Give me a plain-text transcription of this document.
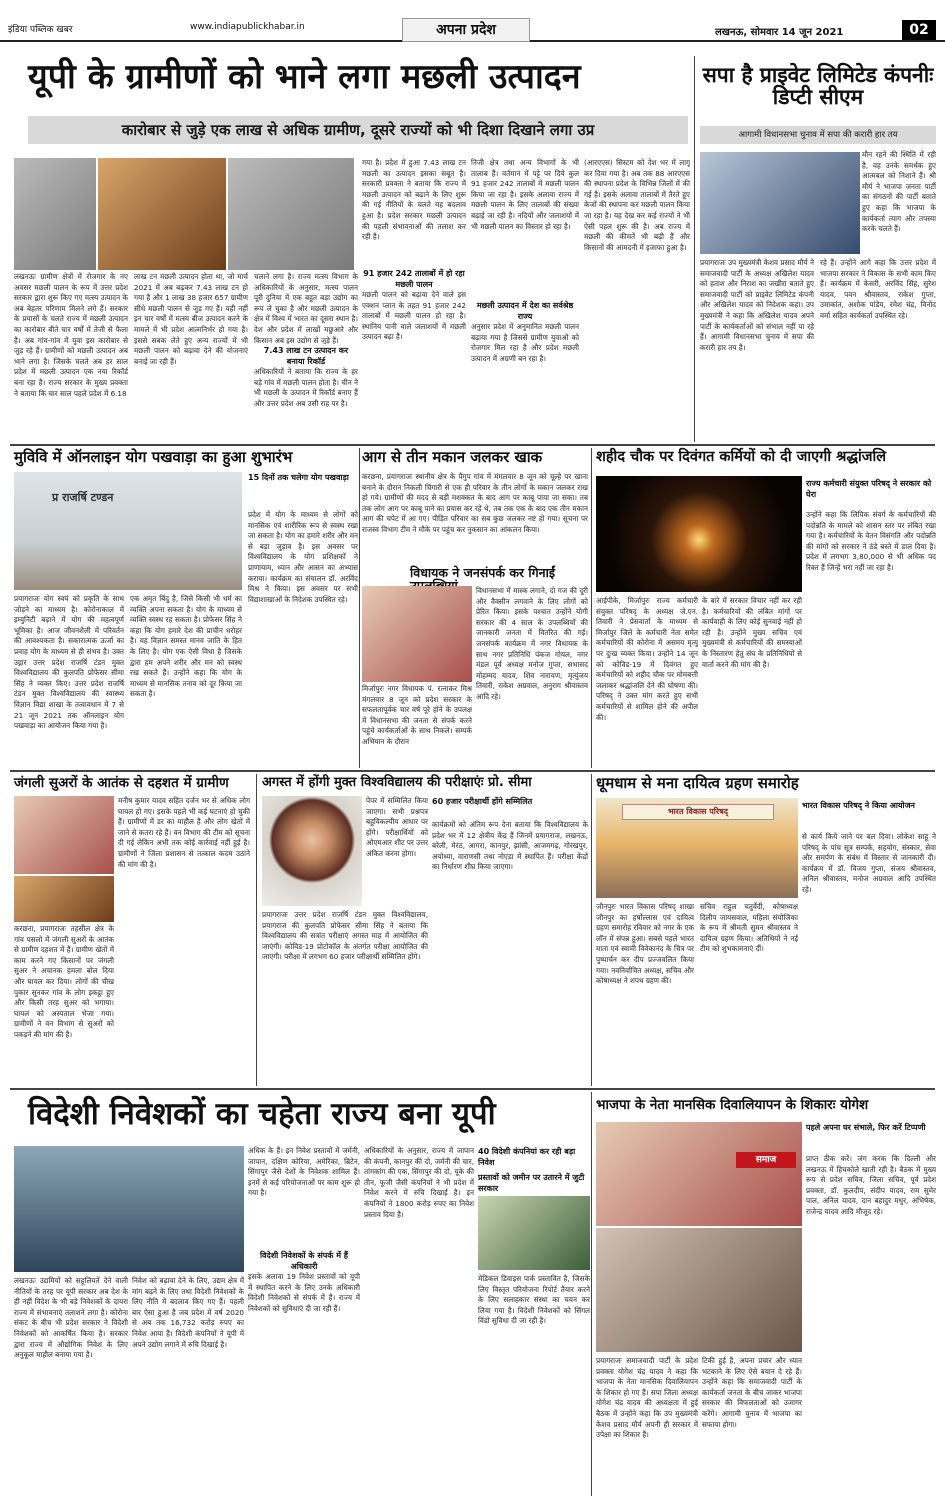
इंडिया पब्लिक खबर	www.indiapublickhabar.in	अपना प्रदेश	लखनऊ, सोमवार 14 जून 2021	02
यूपी के ग्रामीणों को भाने लगा मछली उत्पादन
कारोबार से जुड़े एक लाख से अधिक ग्रामीण, दूसरे राज्यों को भी दिशा दिखाने लगा उप्र
लखनऊः ग्रामीण क्षेत्रों में रोजगार के नए अवसर मछली पालन के रूप में उत्तर प्रदेश सरकार द्वारा शुरू किए गए मत्स्य उत्पादन के अब बेहतर परिणाम मिलने लगे हैं। सरकार के प्रयासों के चलते राज्य में मछली उत्पादन का कारोबार बीते चार वर्षों में तेजी से फैला है। अब गांव-गांव में युवा इस कारोबार से जुड़ रहे हैं। ग्रामीणों को मछली उत्पादन अब भाने लगा है। जिसके चलते अब हर साल प्रदेश में मछली उत्पादन एक नया रिकॉर्ड बना रहा है। राज्य सरकार के मुख्य प्रवक्ता ने बताया कि चार साल पहले प्रदेश में 6.18
लाख टन मछली उत्पादन होता था, जो मार्च 2021 में अब बढ़कर 7.43 लाख टन हो गया है और 1 लाख 38 हजार 657 ग्रामीण सीधे मछली पालन से जुड़ गए हैं। यही नहीं इन चार वर्षों में मत्स्य बीज उत्पादन करने के मामले में भी प्रदेश आत्मनिर्भर हो गया है। इससे सबक लेते हुए अन्य राज्यों में भी मछली पालन को बढ़ावा देने की योजनाएं बनाई जा रही हैं।
चलाने लगा है। राज्य मत्स्य विभाग के अधिकारियों के अनुसार, मत्स्य पालन पूरी दुनिया में एक बहुत बड़ा उद्योग का रूप ले चुका है और मछली उत्पादन के क्षेत्र में विश्व में भारत का दूसरा स्थान है। देश और प्रदेश में लाखों मछुआरे और किसान अब इस उद्योग से जुड़े हैं।
7.43 लाख टन उत्पादन कर बनाया रिकॉर्ड
अधिकारियों ने बताया कि राज्य के हर बड़े गांव में मछली पालन होता है। चीन ने भी मछली के उत्पादन में रिकॉर्ड बनाए हैं और उत्तर प्रदेश अब उसी राह पर है।
गया है। प्रदेश में हुआ 7.43 लाख टन मछली का उत्पादन इसका सबूत है। सरकारी प्रवक्ता ने बताया कि राज्य में मछली उत्पादन को बढ़ाने के लिए शुरू की गई नीतियों के चलते यह बदलाव हुआ है। प्रदेश सरकार मछली उत्पादन की पहली संभावनाओं की तलाश कर रही है।
91 हजार 242 तालाबों में हो रहा मछली पालन
मछली पालन को बढ़ावा देने वाले इस एक्शन प्लान के तहत 91 हजार 242 तालाबों में मछली पालन हो रहा है। स्थानिय पानी वाले जलाशयों में मछली उत्पादन बढ़ा है।
निजी क्षेत्र तथा अन्य विभागों के भी तालाब हैं। वर्तमान में पट्टे पर दिये कुल 91 हजार 242 तालाबों में मछली पालन किया जा रहा है। इसके अलावा राज्य में मछली पालन के लिए तालाबों की संख्या बढ़ाई जा रही है। नदियों और जलाशयों में भी मछली पालन का विस्तार हो रहा है।
मछली उत्पादन में देश का सर्वश्रेष्ठ राज्य
अनुसार प्रदेश में अनुमानित मछली पालन बढ़ाया गया है जिससे ग्रामीण युवाओं को रोजगार मिल रहा है और प्रदेश मछली उत्पादन में अग्रणी बन रहा है।
(आरएएस) सिस्टम को देश भर में लागू कर दिया गया है। अब तक 88 आरएएस की स्थापना प्रदेश के विभिन्न जिलों में की गई है। इसके अलावा तालाबों में तैरते हुए केजों की स्थापना कर मछली पालन किया जा रहा है। यह देख कर कई राज्यों ने भी ऐसी पहल शुरू की है। अब राज्य में मछली की कीमतें भी बढ़ी हैं और किसानों की आमदनी में इजाफा हुआ है।
सपा है प्राइवेट लिमिटेड कंपनीः डिप्टी सीएम
आगामी विधानसभा चुनाव में सपा की करारी हार तय
मौन रहने की स्थिति में रही है, वह उनके समर्थक हुए आत्मबल को निशाने हैं। श्री मौर्य ने भाजपा जनता पार्टी का संगठनों की पार्टी बताते हुए कहा कि भाजपा के कार्यकर्ता त्याग और तपस्या करके चलते हैं।
प्रयागराजः उप मुख्यमंत्री केशव प्रसाद मौर्य ने समाजवादी पार्टी के अध्यक्ष अखिलेश यादव को हताश और निराश का जखीरा बताते हुए समाजवादी पार्टी को प्राइवेट लिमिटेड कंपनी और अखिलेश यादव को निदेशक कहा। उप मुख्यमंत्री ने कहा कि अखिलेश यादव अपने पार्टी के कार्यकर्ताओं को संभाल नहीं पा रहे हैं। आगामी विधानसभा चुनाव में सपा की करारी हार तय है।
रहे हैं। उन्होंने आगे कहा कि उत्तर प्रदेश में भाजपा सरकार ने विकास के सभी काम किए हैं। कार्यक्रम में केसरी, अरविंद सिंह, सुरेश यादव, पवन श्रीवास्तव, राकेश गुप्ता, उमाकांत, अशोक पांडेय, रमेश चंद्र, विनोद वर्मा सहित कार्यकर्ता उपस्थित रहे।
मुविवि में ऑनलाइन योग पखवाड़ा का हुआ शुभारंभ
प्र राजर्षि टण्डन
15 दिनों तक चलेगा योग पखवाड़ा
प्रयागराजः योग स्वयं को प्रकृति के साथ जोड़ने का माध्यम है। कोरोनाकाल में इम्युनिटी बढ़ाने में योग की महत्वपूर्ण भूमिका है। आज जीवनशैली में परिवर्तन की आवश्यकता है। सकारात्मक ऊर्जा का प्रवाह योग के माध्यम से ही संभव है। उक्त उद्गार उत्तर प्रदेश राजर्षि टंडन मुक्त विश्वविद्यालय की कुलपति प्रोफेसर सीमा सिंह ने व्यक्त किए। उत्तर प्रदेश राजर्षि टंडन मुक्त विश्वविद्यालय की स्वास्थ्य विज्ञान विद्या शाखा के तत्वावधान में 7 से 21 जून 2021 तक ऑनलाइन योग पखवाड़ा का आयोजन किया गया है।
एक अमृत बिंदु है, जिसे किसी भी धर्म का व्यक्ति अपना सकता है। योग के माध्यम से व्यक्ति स्वस्थ रह सकता है। प्रोफेसर सिंह ने कहा कि योग हमारे देश की प्राचीन धरोहर है। यह विज्ञान समस्त मानव जाति के हित के लिए है। योग एक ऐसी विधा है जिसके द्वारा हम अपने शरीर और मन को स्वस्थ रख सकते हैं। उन्होंने कहा कि योग के माध्यम से मानसिक तनाव को दूर किया जा सकता है।
प्रदेश में योग के माध्यम से लोगों को मानसिक एवं शारीरिक रूप से स्वस्थ रखा जा सकता है। योग का हमारे शरीर और मन से बड़ा जुड़ाव है। इस अवसर पर विश्वविद्यालय के योग प्रशिक्षकों ने प्राणायाम, ध्यान और आसन का अभ्यास कराया। कार्यक्रम का संचालन डॉ. अरविंद मिश्र ने किया। इस अवसर पर सभी विद्याशाखाओं के निदेशक उपस्थित रहे।
आग से तीन मकान जलकर खाक
करछना, प्रयागराजः स्थानीय क्षेत्र के पैगुप गांव में मंगलवार 8 जून को चूल्हे पर खाना बनाने के दौरान निकली चिंगारी से एक ही परिवार के तीन लोगों के मकान जलकर राख हो गये। ग्रामीणों की मदद से बड़ी मशक्कत के बाद आग पर काबू पाया जा सका। तब तक लोग आग पर काबू पाने का प्रयास कर रहे थे, तब तक एक के बाद एक तीन मकान आग की चपेट में आ गए। पीड़ित परिवार का सब कुछ जलकर नष्ट हो गया। सूचना पर राजस्व विभाग टीम ने मौके पर पहुंच कर नुकसान का आंकलन किया।
विधायक ने जनसंपर्क कर गिनाईं
मिर्जापुरः नगर विधायक पं. रत्नाकर मिश्र मंगलवार 8 जून को प्रदेश सरकार के सफलतापूर्वक चार वर्ष पूरे होने के उपलक्ष में विधानसभा की जनता से संपर्क करने पहुंचे कार्यकर्ताओं के साथ निकले। सम्पर्क अभियान के दौरान
विधानसभा में मास्क लगाने, दो गज की दूरी और वैक्सीन लगवाने के लिए लोगों को प्रेरित किया। इसके पश्चात उन्होंने योगी सरकार की 4 साल के उपलब्धियों की जानकारी जनता में वितरित की गई। जनसंपर्क कार्यक्रम में नगर विधायक के साथ नगर प्रतिनिधि पंकज गोयल, नगर मंडल पूर्व अध्यक्ष मनोज गुप्ता, सभासद मोहम्मद यादव, शिव नारायण, मृत्युंजय तिवारी, राकेश अग्रवाल, अनुराग श्रीवास्तव आदि रहे।
शहीद चौक पर दिवंगत कर्मियों को दी जाएगी श्रद्धांजलि
राज्य कर्मचारी संयुक्त परिषद् ने सरकार को घेरा
उन्होंने कहा कि लिपिक संवर्ग के कर्मचारियों की पदोन्नति के मामले को शासन स्तर पर लंबित रखा गया है। कर्मचारियों के वेतन विसंगति और पदोन्नति की मांगों को सरकार ने ठंडे बस्ते में डाल दिया है। प्रदेश में लगभग 3,80,000 से भी अधिक पद रिक्त हैं जिन्हें भरा नहीं जा रहा है।
आईपीके, मिर्जापुरः राज्य कर्मचारी संयुक्त परिषद् के अध्यक्ष जे.एन. तिवारी ने प्रेसवार्ता के माध्यम से मिर्जापुर जिले के कर्मचारी नेता समेत कर्मचारियों की कोरोना में असमय मृत्यु पर दुःख व्यक्त किया। उन्होंने 14 जून को कोविड-19 में दिवंगत हुए कर्मचारियों को शहीद चौक पर मोमबत्ती जलाकर श्रद्धांजलि देने की घोषणा की। परिषद् ने उक्त मांग करते हुए सभी कर्मचारियों से शामिल होने की अपील की।
के बारे में सरकार विचार नहीं कर रही है। कर्मचारियों की लंबित मांगों पर कार्यवाही के लिए कोई सुनवाई नहीं हो रही है। उन्होंने मुख्य सचिव एवं मुख्यमंत्री से कर्मचारियों की समस्याओं के निस्तारण हेतु संघ के प्रतिनिधियों से वार्ता करने की मांग की है।
जंगली सुअरों के आतंक से दहशत में ग्रामीण
करछना, प्रयागराजः तहसील क्षेत्र के गांव पसलो में जंगली सुअरों के आतंक से ग्रामीण दहशत में हैं। ग्रामीण खेतों में काम करने गए किसानों पर जंगली सुअर ने अचानक हमला बोल दिया और घायल कर दिया। लोगों की चीख पुकार सुनकर गांव के लोग इकट्ठा हुए और किसी तरह सुअर को भगाया। घायल को अस्पताल भेजा गया। ग्रामीणों ने वन विभाग से सुअरों को पकड़ने की मांग की है।
मनीष कुमार यादव सहित दर्जन भर से अधिक लोग घायल हो गए। इसके पहले भी कई घटनाएं हो चुकी हैं। ग्रामीणों में डर का माहौल है और लोग खेतों में जाने से कतरा रहे हैं। वन विभाग की टीम को सूचना दी गई लेकिन अभी तक कोई कार्रवाई नहीं हुई है। ग्रामीणों ने जिला प्रशासन से तत्काल कदम उठाने की मांग की है।
अगस्त में होंगी मुक्त विश्वविद्यालय की परीक्षाएंः प्रो. सीमा
पेपर में सम्मिलित किया जाएगा। सभी प्रश्नपत्र बहुविकल्पीय आधार पर होंगे। परीक्षार्थियों को ओएमआर शीट पर उत्तर अंकित करना होगा।
60 हजार परीक्षार्थी होंगे सम्मिलित
कार्यक्रमों को अंतिम रूप देना बताया कि विश्वविद्यालय के प्रदेश भर में 12 क्षेत्रीय केंद्र हैं जिनमें प्रयागराज, लखनऊ, बरेली, मेरठ, आगरा, कानपुर, झांसी, आजमगढ़, गोरखपुर, अयोध्या, वाराणसी तथा नोएडा में स्थापित हैं। परीक्षा केंद्रों का निर्धारण शीघ्र किया जाएगा।
प्रयागराजः उत्तर प्रदेश राजर्षि टंडन मुक्त विश्वविद्यालय, प्रयागराज की कुलपति प्रोफेसर सीमा सिंह ने बताया कि विश्वविद्यालय की सत्रांत परीक्षाएं अगस्त माह में आयोजित की जाएंगी। कोविड-19 प्रोटोकॉल के अंतर्गत परीक्षा आयोजित की जाएगी। परीक्षा में लगभग 60 हजार परीक्षार्थी सम्मिलित होंगे।
धूमधाम से मना दायित्व ग्रहण समारोह
भारत विकास परिषद्
भारत विकास परिषद् ने किया आयोजन
से कार्य किये जाने पर बल दिया। लोकेश साहू ने परिषद् के पांच सूत्र सम्पर्क, सहयोग, संस्कार, सेवा और समर्पण के संबंध में विस्तार से जानकारी दी। कार्यक्रम में डॉ. विजय गुप्ता, संजय श्रीवास्तव, अनिल श्रीवास्तव, मनोज अग्रवाल आदि उपस्थित रहे।
जौनपुरः भारत विकास परिषद् शाखा जौनपुर का हर्षोल्लास एवं दायित्व ग्रहण समारोह रविवार को नगर के एक लॉन में संपन्न हुआ। सबसे पहले भारत माता एवं स्वामी विवेकानंद के चित्र पर पुष्पार्चन कर दीप प्रज्जवलित किया गया। नवनिर्वाचित अध्यक्ष, सचिव और कोषाध्यक्ष ने शपथ ग्रहण की।
सचिव राहुल चतुर्वेदी, कोषाध्यक्ष दिलीप जायसवाल, महिला संयोजिका के रूप में श्रीमती सुमन श्रीवास्तव ने दायित्व ग्रहण किया। अतिथियों ने नई टीम को शुभकामनाएं दीं।
विदेशी निवेशकों का चहेता राज्य बना यूपी
लखनऊः उद्यमियों को सहूलियतें देने वाली नीतियों के तरह पर यूपी सरकार अब देश के ही नहीं विदेश के भी बड़े निवेशकों के दायरा राज्य में संभावनाएं तलाशने लगा है। कोरोना संकट के बीच भी प्रदेश सरकार ने विदेशी निवेशकों को आकर्षित किया है। सरकार द्वारा राज्य में औद्योगिक निवेश के लिए अनुकूल माहौल बनाया गया है।
निवेश को बढ़ावा देने के लिए, उद्यम क्षेत्र में मांग बढ़ने के लिए तथा विदेशी निवेशकों के लिए नीति में बदलाव किए गए हैं। पहली बार ऐसा हुआ है जब प्रदेश में वर्ष 2020 से अब तक 16,732 करोड़ रुपए का निवेश आया है। विदेशी कंपनियों ने यूपी में अपने उद्योग लगाने में रुचि दिखाई है।
अधिक के हैं। इन निवेश प्रस्तावों में जर्मनी, जापान, दक्षिण कोरिया, अमेरिका, ब्रिटेन, सिंगापुर जैसे देशों के निवेशक शामिल हैं। इनमें से कई परियोजनाओं पर काम शुरू हो गया है।
विदेशी निवेशकों के संपर्क में हैं अधिकारी
इसके अलावा 19 निवेश प्रस्तावों को यूपी में स्थापित करने के लिए उनके अधिकारी विदेशी निवेशकों से संपर्क में हैं। राज्य में निवेशकों को सुविधाएं दी जा रही हैं।
अधिकारियों के अनुसार, राज्य में जापान की कंपनी, कानपुर की दो, जर्मनी की चार, तांगकांग की एक, सिंगापुर की दो, यूके की तीन, फूजी जैसी कंपनियों ने भी प्रदेश में निवेश करने में रुचि दिखाई है। इन कंपनियों ने 1800 करोड़ रुपए का निवेश प्रस्ताव दिया है।
40 विदेशी कंपनियां कर रही बड़ा निवेश
प्रस्तावों को जमीन पर उतारने में जुटी सरकार
मेडिकल डिवाइस पार्क प्रस्तावित है, जिसके लिए विस्तृत परियोजना रिपोर्ट तैयार करने के लिए सलाहकार संस्था का चयन कर लिया गया है। विदेशी निवेशकों को सिंगल विंडो सुविधा दी जा रही है।
भाजपा के नेता मानसिक दिवालियापन के शिकारः योगेश
पहले अपना घर संभाले, फिर करें टिप्पणी
प्राप्त ठीक करें। जंग करक कि दिल्ली और लखनऊ में हिचकोले खाती रही है। बैठक में मुख्य रूप से प्रदेश सचिव, जिला सचिव, पूर्व प्रदेश प्रवक्ता, डॉ. कुलदीप, संदीप यादव, राम सुमेर पाल, अनिल यादव, दान बहादुर मधुर, अभिषेक, राजेन्द्र यादव आदि मौजूद रहे।
समाज
प्रयागराजः समाजवादी पार्टी के प्रदेश प्रवक्ता योगेश चंद्र यादव ने कहा कि भाजपा के नेता मानसिक दिवालियापन के शिकार हो गए हैं। सपा जिला अध्यक्ष योगेश चंद्र यादव की अध्यक्षता में हुई बैठक में उन्होंने कहा कि उप मुख्यमंत्री केशव प्रसाद मौर्य अपनी ही सरकार में उपेक्षा का शिकार हैं।
टिकी हुई है, अपना प्रचार और ध्यान भटकाने के लिए ऐसे बयान दे रहे हैं। उन्होंने कहा कि समाजवादी पार्टी के कार्यकर्ता जनता के बीच जाकर भाजपा सरकार की विफलताओं को उजागर करेंगे। आगामी चुनाव में भाजपा का सफाया होगा।
